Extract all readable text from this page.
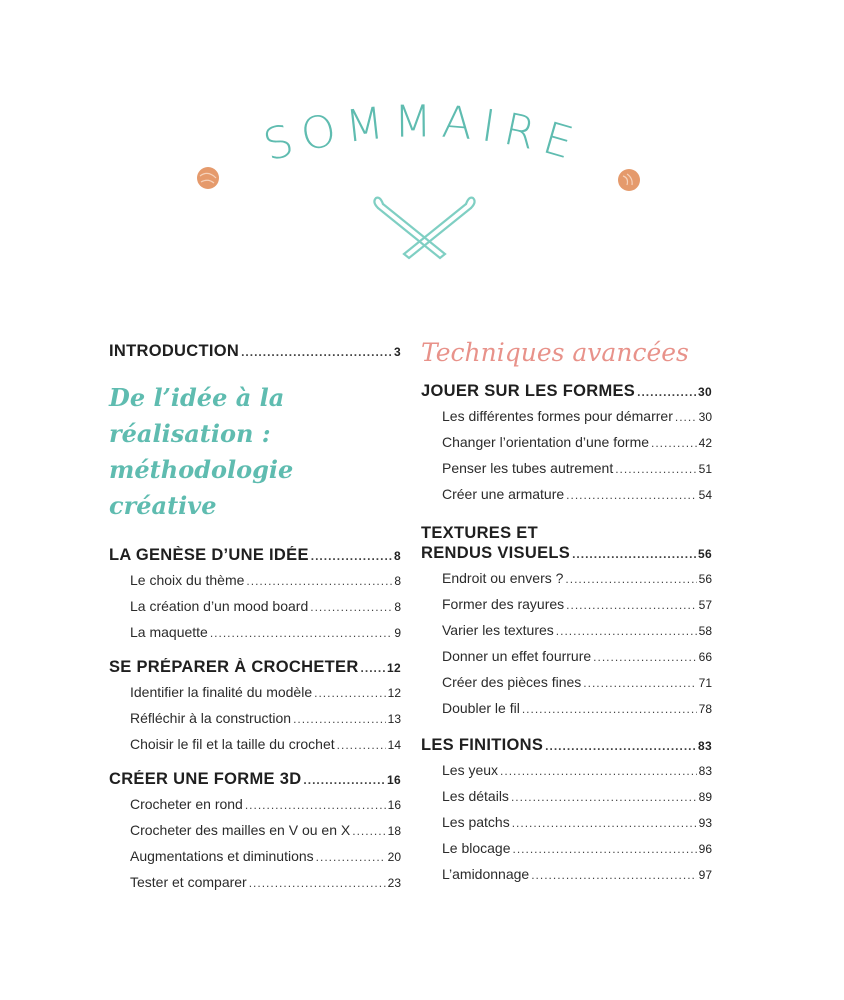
SOMMAIRE
INTRODUCTION .....	3

De l’idée à la réalisation :

méthodologie créative

LA GENÈSE D’UNE IDÉE .....	8
Le choix du thème .....	8
La création d’un mood board .....	8
La maquette .....	9
SE PRÉPARER À CROCHETER ..... 12
Identifier la finalité du modèle .....	12
Réfléchir à la construction .....	13
Choisir le fil et la taille du crochet .....	14
CRÉER UNE FORME 3D .....	16
Crocheter en rond .....	16
Crocheter des mailles en V ou en X .....	18
Augmentations et diminutions .....	20
Tester et comparer .....	23

Techniques avancées

JOUER SUR LES FORMES .....	30
Les différentes formes pour démarrer ..... 30
Changer l’orientation d’une forme .....	42
Penser les tubes autrement .....	51
Créer une armature .....	54
TEXTURES ET
RENDUS VISUELS .....	56
Endroit ou envers ? .....	56
Former des rayures .....	57
Varier les textures .....	58
Donner un effet fourrure .....	66
Créer des pièces fines .....	71
Doubler le fil .....	78
LES FINITIONS .....	83
Les yeux .....	83
Les détails .....	89
Les patchs .....	93
Le blocage .....	96
L’amidonnage .....	97
